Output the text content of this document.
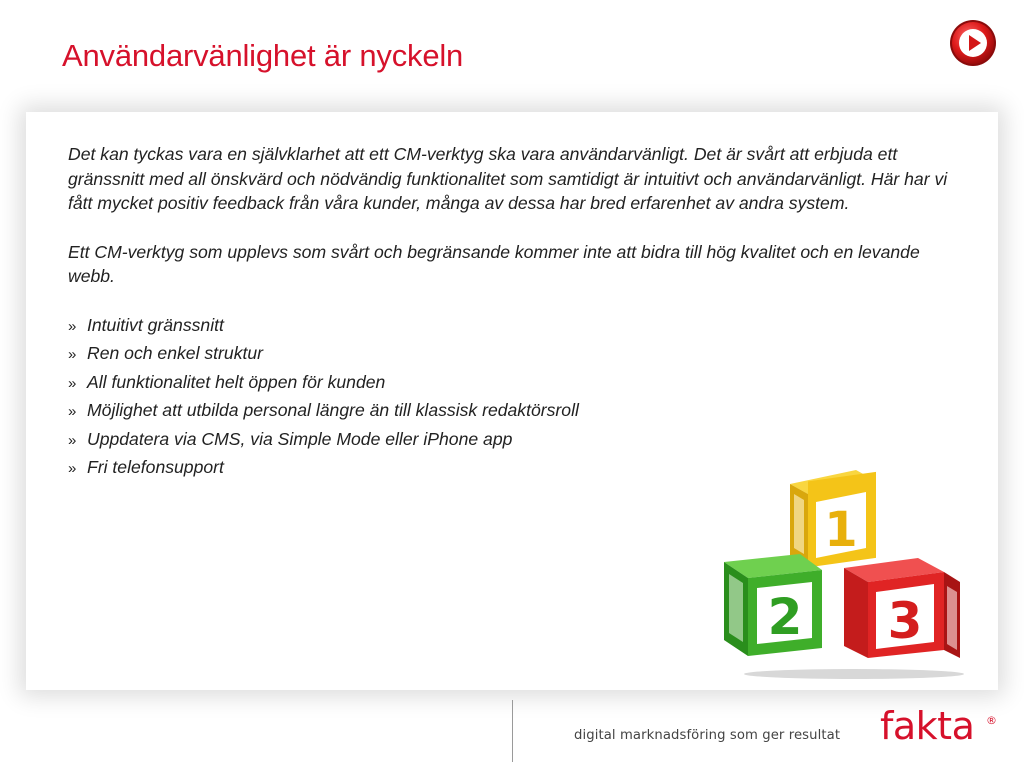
Användarvänlighet är nyckeln

Det kan tyckas vara en självklarhet att ett CM-verktyg ska vara användarvänligt. Det är svårt att erbjuda ett gränssnitt med all önskvärd och nödvändig funktionalitet som samtidigt är intuitivt och användarvänligt. Här har vi fått mycket positiv feedback från våra kunder, många av dessa har bred erfarenhet av andra system.

Ett CM-verktyg som upplevs som svårt och begränsande kommer inte att bidra till hög kvalitet och en levande webb.

» Intuitivt gränssnitt
» Ren och enkel struktur
» All funktionalitet helt öppen för kunden
» Möjlighet att utbilda personal längre än till klassisk redaktörsroll
» Uppdatera via CMS, via Simple Mode eller iPhone app
» Fri telefonsupport
1
2 3
digital marknadsföring som ger resultat fakta ®
